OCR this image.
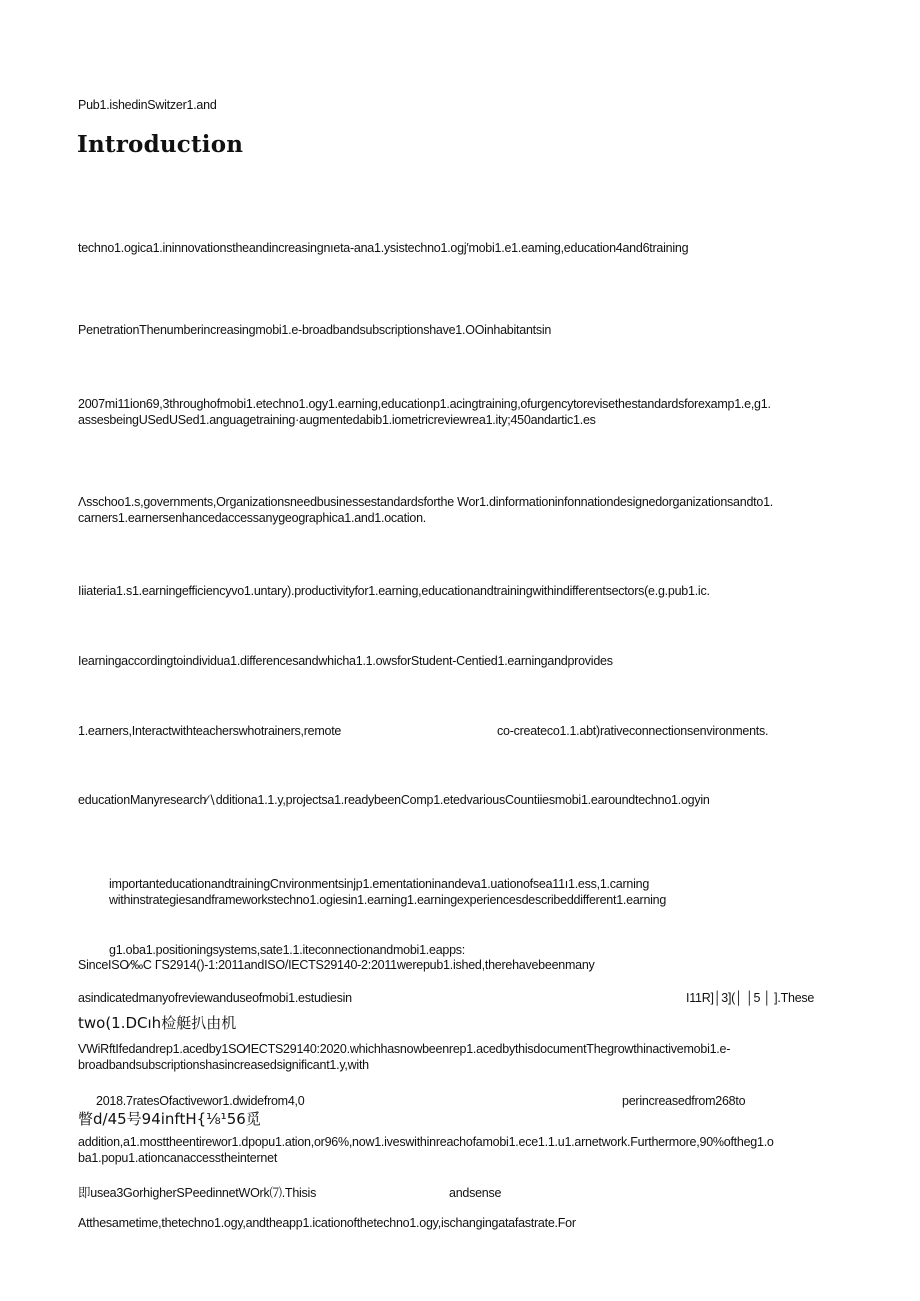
Pub1.ishedinSwitzer1.and
Introduction
techno1.ogica1.ininnovationstheandincreasingnıeta-ana1.ysistechno1.ogj′mobi1.e1.eaming,education4and6training
PenetrationThenumberincreasingmobi1.e-broadbandsubscriptionshave1.OOinhabitantsin
2007mi11ion69,3throughofmobi1.etechno1.ogy1.earning,educationp1.acingtraining,ofurgencytorevisethestandardsforexamp1.e,g1.
assesbeingUSedUSed1.anguagetraining·augmentedabib1.iometricreviewrea1.ity;450andartic1.es
Λsschoo1.s,governments,Organizationsneedbusinessestandardsforthe Wor1.dinformationinfonnationdesignedorganizationsandto1.
carners1.earnersenhancedaccessanygeographica1.and1.ocation.
Iiiateria1.s1.earningefficiencyvo1.untary).productivityfor1.earning,educationandtrainingwithindifferentsectors(e.g.pub1.ic.
Iearningaccordingtoindividua1.differencesandwhicha1.1.owsforStudent-Centied1.earningandprovides
1.earners,Interactwithteacherswhotrainers,remote	co-createco1.1.abt)rativeconnectionsenvironments.
educationManyresearch∕∖dditiona1.1.y,projectsa1.readybeenComp1.etedvariousCountiiesmobi1.earoundtechno1.ogyin
importanteducationandtrainingCnvironmentsinjp1.ementationinandeva1.uationofsea11ı1.ess,1.carning
withinstrategiesandframeworkstechno1.ogiesin1.earning1.earningexperiencesdescribeddifferent1.earning
g1.oba1.positioningsystems,sate1.1.iteconnectionandmobi1.eapps:
SinceISO∕‰C ΓS2914()-1:2011andISO/IECTS29140-2:2011werepub1.ished,therehavebeenmany
asindicatedmanyofreviewanduseofmobi1.estudiesin	I11R]│3](│ │5 │ ].These
two(1.DCıh检艇扒由机
VWiRftIfedandrep1.acedby1SO∕IECTS29140:2020.whichhasnowbeenrep1.acedbythisdocumentThegrowthinactivemobi1.e-
broadbandsubscriptionshasincreasedsignificant1.y,with
2018.7ratesOfactivewor1.dwidefrom4,0	perincreasedfrom268to
瞥d/45号94inftH{⅛¹56觅
addition,a1.mosttheentirewor1.dpopu1.ation,or96%,now1.iveswithinreachofamobi1.ece1.1.u1.arnetwork.Furthermore,90%oftheg1.o
ba1.popu1.ationcanaccesstheinternet
即usea3GorhigherSPeedinnetWOrk⑺.Thisis	andsense
Atthesametime,thetechno1.ogy,andtheapp1.icationofthetechno1.ogy,ischangingatafastrate.For
